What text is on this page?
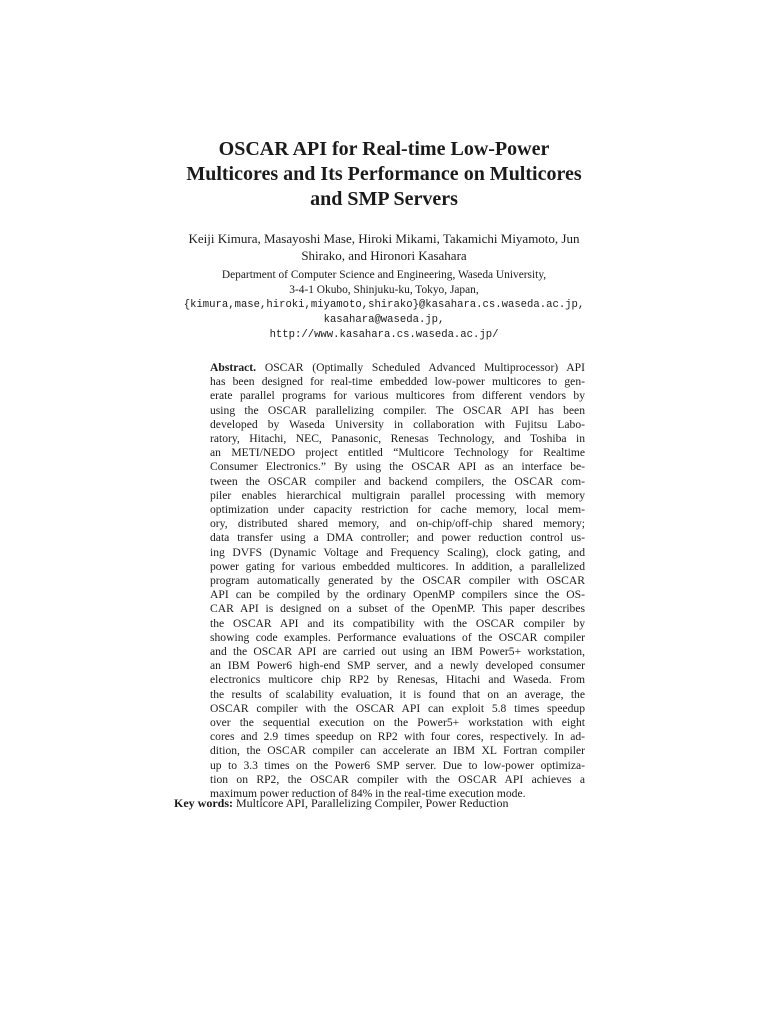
OSCAR API for Real-time Low-Power
Multicores and Its Performance on Multicores
and SMP Servers

Keiji Kimura, Masayoshi Mase, Hiroki Mikami, Takamichi Miyamoto, Jun
Shirako, and Hironori Kasahara

Department of Computer Science and Engineering, Waseda University,
3-4-1 Okubo, Shinjuku-ku, Tokyo, Japan,
{kimura,mase,hiroki,miyamoto,shirako}@kasahara.cs.waseda.ac.jp,
kasahara@waseda.jp,
http://www.kasahara.cs.waseda.ac.jp/

Abstract. OSCAR (Optimally Scheduled Advanced Multiprocessor) API
has been designed for real-time embedded low-power multicores to gen-
erate parallel programs for various multicores from different vendors by
using the OSCAR parallelizing compiler. The OSCAR API has been
developed by Waseda University in collaboration with Fujitsu Labo-
ratory, Hitachi, NEC, Panasonic, Renesas Technology, and Toshiba in
an METI/NEDO project entitled “Multicore Technology for Realtime
Consumer Electronics.” By using the OSCAR API as an interface be-
tween the OSCAR compiler and backend compilers, the OSCAR com-
piler enables hierarchical multigrain parallel processing with memory
optimization under capacity restriction for cache memory, local mem-
ory, distributed shared memory, and on-chip/off-chip shared memory;
data transfer using a DMA controller; and power reduction control us-
ing DVFS (Dynamic Voltage and Frequency Scaling), clock gating, and
power gating for various embedded multicores. In addition, a parallelized
program automatically generated by the OSCAR compiler with OSCAR
API can be compiled by the ordinary OpenMP compilers since the OS-
CAR API is designed on a subset of the OpenMP. This paper describes
the OSCAR API and its compatibility with the OSCAR compiler by
showing code examples. Performance evaluations of the OSCAR compiler
and the OSCAR API are carried out using an IBM Power5+ workstation,
an IBM Power6 high-end SMP server, and a newly developed consumer
electronics multicore chip RP2 by Renesas, Hitachi and Waseda. From
the results of scalability evaluation, it is found that on an average, the
OSCAR compiler with the OSCAR API can exploit 5.8 times speedup
over the sequential execution on the Power5+ workstation with eight
cores and 2.9 times speedup on RP2 with four cores, respectively. In ad-
dition, the OSCAR compiler can accelerate an IBM XL Fortran compiler
up to 3.3 times on the Power6 SMP server. Due to low-power optimiza-
tion on RP2, the OSCAR compiler with the OSCAR API achieves a
maximum power reduction of 84% in the real-time execution mode.

Key words: Multicore API, Parallelizing Compiler, Power Reduction
